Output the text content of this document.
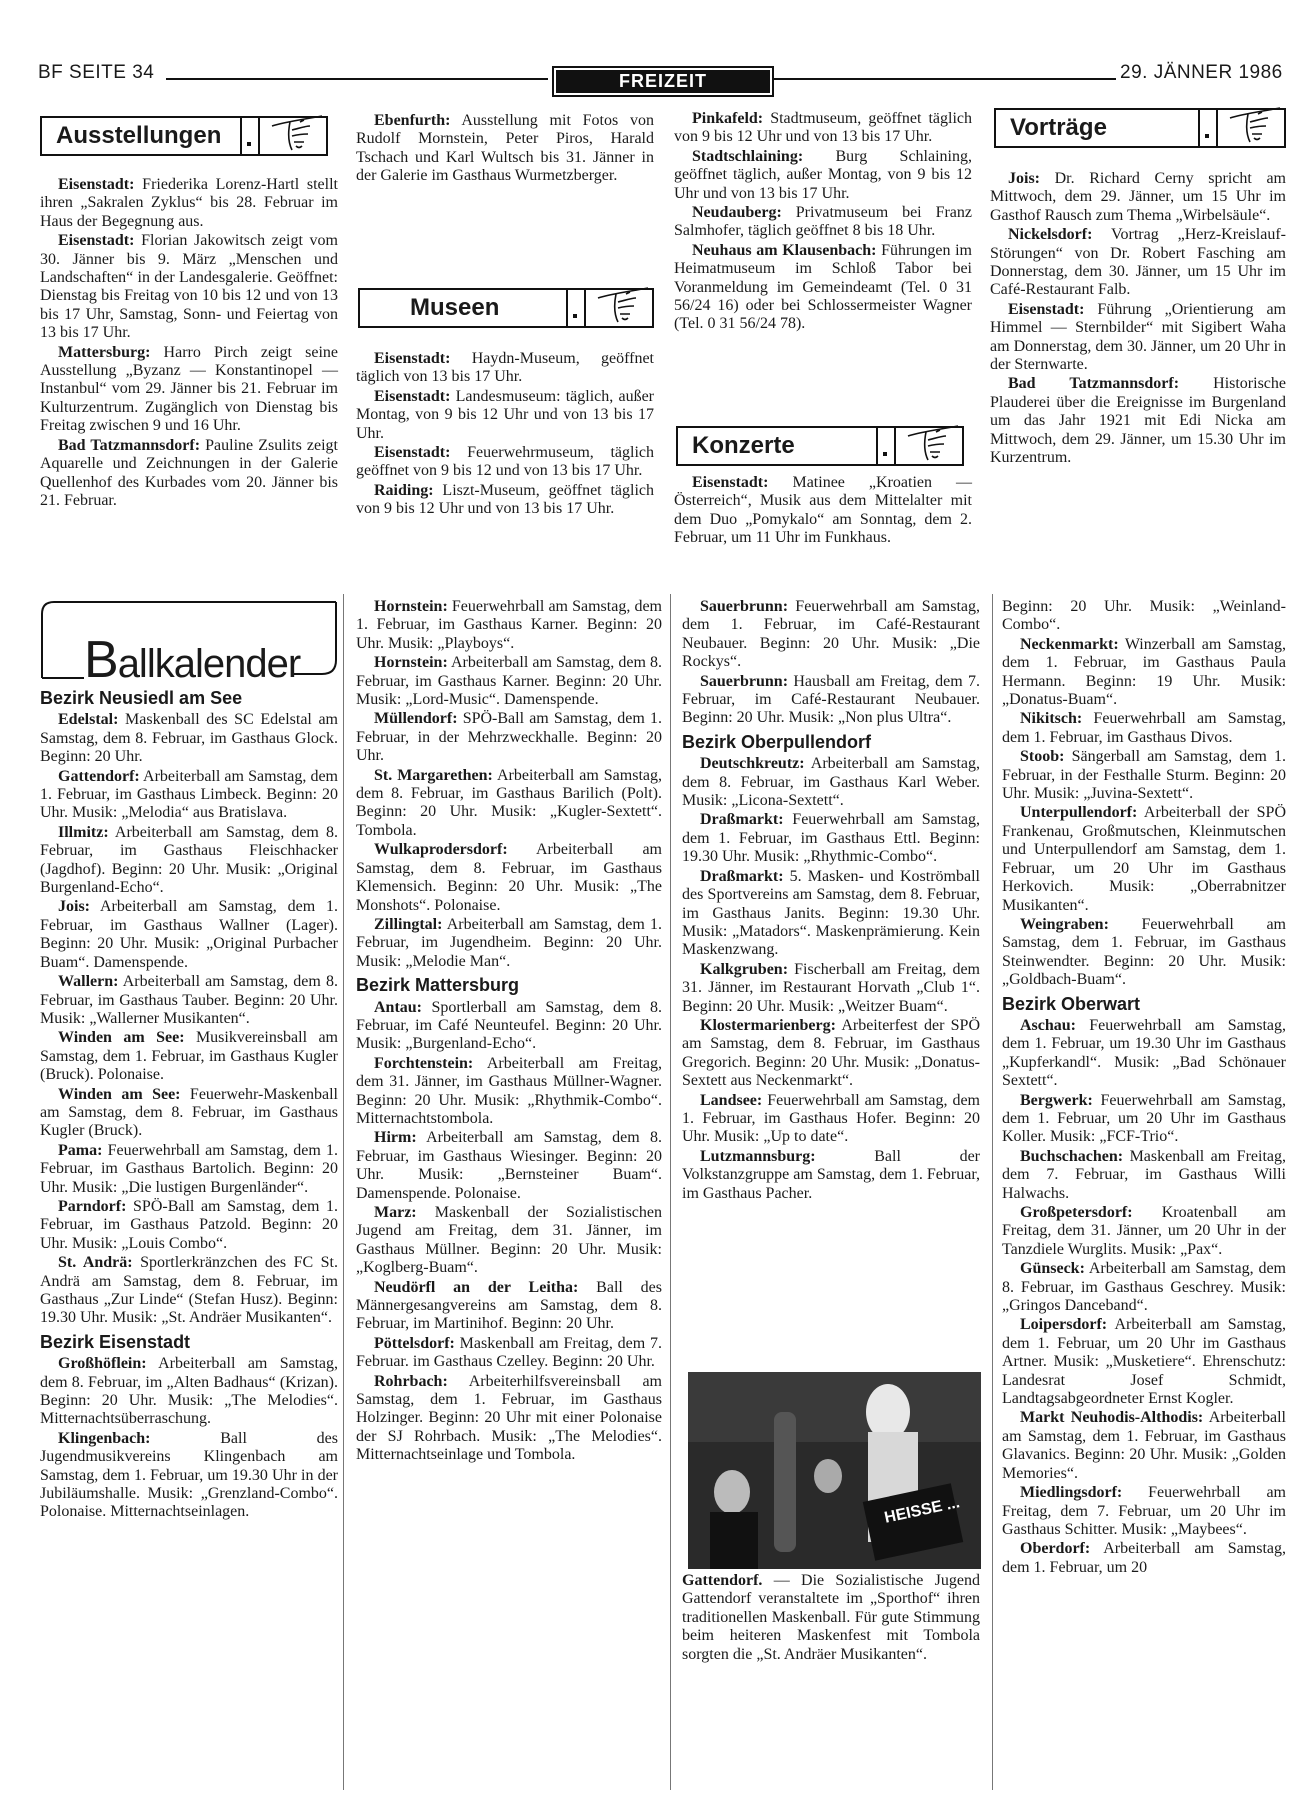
BF SEITE 34	FREIZEIT	29. JÄNNER 1986
Ausstellungen
Museen
Konzerte
Vorträge

Eisenstadt: Friederika Lorenz-Hartl stellt ihren „Sakralen Zyklus“ bis 28. Februar im Haus der Begegnung aus.

Eisenstadt: Florian Jakowitsch zeigt vom 30. Jänner bis 9. März „Menschen und Landschaften“ in der Landesgalerie. Geöffnet: Dienstag bis Freitag von 10 bis 12 und von 13 bis 17 Uhr, Samstag, Sonn- und Feiertag von 13 bis 17 Uhr.

Mattersburg: Harro Pirch zeigt seine Ausstellung „Byzanz — Konstantinopel — Instanbul“ vom 29. Jänner bis 21. Februar im Kulturzentrum. Zugänglich von Dienstag bis Freitag zwischen 9 und 16 Uhr.

Bad Tatzmannsdorf: Pauline Zsulits zeigt Aquarelle und Zeichnungen in der Galerie Quellenhof des Kurbades vom 20. Jänner bis 21. Februar.

Ebenfurth: Ausstellung mit Fotos von Rudolf Mornstein, Peter Piros, Harald Tschach und Karl Wultsch bis 31. Jänner in der Galerie im Gasthaus Wurmetzberger.

Eisenstadt: Haydn-Museum, geöffnet täglich von 13 bis 17 Uhr.

Eisenstadt: Landesmuseum: täglich, außer Montag, von 9 bis 12 Uhr und von 13 bis 17 Uhr.

Eisenstadt: Feuerwehrmuseum, täglich geöffnet von 9 bis 12 und von 13 bis 17 Uhr.

Raiding: Liszt-Museum, geöffnet täglich von 9 bis 12 Uhr und von 13 bis 17 Uhr.

Pinkafeld: Stadtmuseum, geöffnet täglich von 9 bis 12 Uhr und von 13 bis 17 Uhr.

Stadtschlaining: Burg Schlaining, geöffnet täglich, außer Montag, von 9 bis 12 Uhr und von 13 bis 17 Uhr.

Neudauberg: Privatmuseum bei Franz Salmhofer, täglich geöffnet 8 bis 18 Uhr.

Neuhaus am Klausenbach: Führungen im Heimatmuseum im Schloß Tabor bei Voranmeldung im Gemeindeamt (Tel. 0 31 56/24 16) oder bei Schlossermeister Wagner (Tel. 0 31 56/24 78).

Eisenstadt: Matinee „Kroatien — Österreich“, Musik aus dem Mittelalter mit dem Duo „Pomykalo“ am Sonntag, dem 2. Februar, um 11 Uhr im Funkhaus.

Jois: Dr. Richard Cerny spricht am Mittwoch, dem 29. Jänner, um 15 Uhr im Gasthof Rausch zum Thema „Wirbelsäule“.

Nickelsdorf: Vortrag „Herz-Kreislauf-Störungen“ von Dr. Robert Fasching am Donnerstag, dem 30. Jänner, um 15 Uhr im Café-Restaurant Falb.

Eisenstadt: Führung „Orientierung am Himmel — Sternbilder“ mit Sigibert Waha am Donnerstag, dem 30. Jänner, um 20 Uhr in der Sternwarte.

Bad Tatzmannsdorf: Historische Plauderei über die Ereignisse im Burgenland um das Jahr 1921 mit Edi Nicka am Mittwoch, dem 29. Jänner, um 15.30 Uhr im Kurzentrum.

Ballkalender
Bezirk Neusiedl am See

Edelstal: Maskenball des SC Edelstal am Samstag, dem 8. Februar, im Gasthaus Glock. Beginn: 20 Uhr.

Gattendorf: Arbeiterball am Samstag, dem 1. Februar, im Gasthaus Limbeck. Beginn: 20 Uhr. Musik: „Melodia“ aus Bratislava.

Illmitz: Arbeiterball am Samstag, dem 8. Februar, im Gasthaus Fleischhacker (Jagdhof). Beginn: 20 Uhr. Musik: „Original Burgenland-Echo“.

Jois: Arbeiterball am Samstag, dem 1. Februar, im Gasthaus Wallner (Lager). Beginn: 20 Uhr. Musik: „Original Purbacher Buam“. Damenspende.

Wallern: Arbeiterball am Samstag, dem 8. Februar, im Gasthaus Tauber. Beginn: 20 Uhr. Musik: „Wallerner Musikanten“.

Winden am See: Musikvereinsball am Samstag, dem 1. Februar, im Gasthaus Kugler (Bruck). Polonaise.

Winden am See: Feuerwehr-Maskenball am Samstag, dem 8. Februar, im Gasthaus Kugler (Bruck).

Pama: Feuerwehrball am Samstag, dem 1. Februar, im Gasthaus Bartolich. Beginn: 20 Uhr. Musik: „Die lustigen Burgenländer“.

Parndorf: SPÖ-Ball am Samstag, dem 1. Februar, im Gasthaus Patzold. Beginn: 20 Uhr. Musik: „Louis Combo“.

St. Andrä: Sportlerkränzchen des FC St. Andrä am Samstag, dem 8. Februar, im Gasthaus „Zur Linde“ (Stefan Husz). Beginn: 19.30 Uhr. Musik: „St. Andräer Musikanten“.

Bezirk Eisenstadt

Großhöflein: Arbeiterball am Samstag, dem 8. Februar, im „Alten Badhaus“ (Krizan). Beginn: 20 Uhr. Musik: „The Melodies“. Mitternachtsüberraschung.

Klingenbach: Ball des Jugendmusikvereins Klingenbach am Samstag, dem 1. Februar, um 19.30 Uhr in der Jubiläumshalle. Musik: „Grenzland-Combo“. Polonaise. Mitternachtseinlagen.

Hornstein: Feuerwehrball am Samstag, dem 1. Februar, im Gasthaus Karner. Beginn: 20 Uhr. Musik: „Playboys“.

Hornstein: Arbeiterball am Samstag, dem 8. Februar, im Gasthaus Karner. Beginn: 20 Uhr. Musik: „Lord-Music“. Damenspende.

Müllendorf: SPÖ-Ball am Samstag, dem 1. Februar, in der Mehrzweckhalle. Beginn: 20 Uhr.

St. Margarethen: Arbeiterball am Samstag, dem 8. Februar, im Gasthaus Barilich (Polt). Beginn: 20 Uhr. Musik: „Kugler-Sextett“. Tombola.

Wulkaprodersdorf: Arbeiterball am Samstag, dem 8. Februar, im Gasthaus Klemensich. Beginn: 20 Uhr. Musik: „The Monshots“. Polonaise.

Zillingtal: Arbeiterball am Samstag, dem 1. Februar, im Jugendheim. Beginn: 20 Uhr. Musik: „Melodie Man“.

Bezirk Mattersburg

Antau: Sportlerball am Samstag, dem 8. Februar, im Café Neunteufel. Beginn: 20 Uhr. Musik: „Burgenland-Echo“.

Forchtenstein: Arbeiterball am Freitag, dem 31. Jänner, im Gasthaus Müllner-Wagner. Beginn: 20 Uhr. Musik: „Rhythmik-Combo“. Mitternachtstombola.

Hirm: Arbeiterball am Samstag, dem 8. Februar, im Gasthaus Wiesinger. Beginn: 20 Uhr. Musik: „Bernsteiner Buam“. Damenspende. Polonaise.

Marz: Maskenball der Sozialistischen Jugend am Freitag, dem 31. Jänner, im Gasthaus Müllner. Beginn: 20 Uhr. Musik: „Koglberg-Buam“.

Neudörfl an der Leitha: Ball des Männergesangvereins am Samstag, dem 8. Februar, im Martinihof. Beginn: 20 Uhr.

Pöttelsdorf: Maskenball am Freitag, dem 7. Februar. im Gasthaus Czelley. Beginn: 20 Uhr.

Rohrbach: Arbeiterhilfsvereinsball am Samstag, dem 1. Februar, im Gasthaus Holzinger. Beginn: 20 Uhr mit einer Polonaise der SJ Rohrbach. Musik: „The Melodies“. Mitternachtseinlage und Tombola.

Sauerbrunn: Feuerwehrball am Samstag, dem 1. Februar, im Café-Restaurant Neubauer. Beginn: 20 Uhr. Musik: „Die Rockys“.

Sauerbrunn: Hausball am Freitag, dem 7. Februar, im Café-Restaurant Neubauer. Beginn: 20 Uhr. Musik: „Non plus Ultra“.

Bezirk Oberpullendorf

Deutschkreutz: Arbeiterball am Samstag, dem 8. Februar, im Gasthaus Karl Weber. Musik: „Licona-Sextett“.

Draßmarkt: Feuerwehrball am Samstag, dem 1. Februar, im Gasthaus Ettl. Beginn: 19.30 Uhr. Musik: „Rhythmic-Combo“.

Draßmarkt: 5. Masken- und Koströmball des Sportvereins am Samstag, dem 8. Februar, im Gasthaus Janits. Beginn: 19.30 Uhr. Musik: „Matadors“. Maskenprämierung. Kein Maskenzwang.

Kalkgruben: Fischerball am Freitag, dem 31. Jänner, im Restaurant Horvath „Club 1“. Beginn: 20 Uhr. Musik: „Weitzer Buam“.

Klostermarienberg: Arbeiterfest der SPÖ am Samstag, dem 8. Februar, im Gasthaus Gregorich. Beginn: 20 Uhr. Musik: „Donatus-Sextett aus Neckenmarkt“.

Landsee: Feuerwehrball am Samstag, dem 1. Februar, im Gasthaus Hofer. Beginn: 20 Uhr. Musik: „Up to date“.

Lutzmannsburg: Ball der Volkstanzgruppe am Samstag, dem 1. Februar, im Gasthaus Pacher.

HEISSE ...

Gattendorf. — Die Sozialistische Jugend Gattendorf veranstaltete im „Sporthof“ ihren traditionellen Maskenball. Für gute Stimmung beim heiteren Maskenfest mit Tombola sorgten die „St. Andräer Musikanten“.

Beginn: 20 Uhr. Musik: „Weinland-Combo“.

Neckenmarkt: Winzerball am Samstag, dem 1. Februar, im Gasthaus Paula Hermann. Beginn: 19 Uhr. Musik: „Donatus-Buam“.

Nikitsch: Feuerwehrball am Samstag, dem 1. Februar, im Gasthaus Divos.

Stoob: Sängerball am Samstag, dem 1. Februar, in der Festhalle Sturm. Beginn: 20 Uhr. Musik: „Juvina-Sextett“.

Unterpullendorf: Arbeiterball der SPÖ Frankenau, Großmutschen, Kleinmutschen und Unterpullendorf am Samstag, dem 1. Februar, um 20 Uhr im Gasthaus Herkovich. Musik: „Oberrabnitzer Musikanten“.

Weingraben: Feuerwehrball am Samstag, dem 1. Februar, im Gasthaus Steinwendter. Beginn: 20 Uhr. Musik: „Goldbach-Buam“.

Bezirk Oberwart

Aschau: Feuerwehrball am Samstag, dem 1. Februar, um 19.30 Uhr im Gasthaus „Kupferkandl“. Musik: „Bad Schönauer Sextett“.

Bergwerk: Feuerwehrball am Samstag, dem 1. Februar, um 20 Uhr im Gasthaus Koller. Musik: „FCF-Trio“.

Buchschachen: Maskenball am Freitag, dem 7. Februar, im Gasthaus Willi Halwachs.

Großpetersdorf: Kroatenball am Freitag, dem 31. Jänner, um 20 Uhr in der Tanzdiele Wurglits. Musik: „Pax“.

Günseck: Arbeiterball am Samstag, dem 8. Februar, im Gasthaus Geschrey. Musik: „Gringos Danceband“.

Loipersdorf: Arbeiterball am Samstag, dem 1. Februar, um 20 Uhr im Gasthaus Artner. Musik: „Musketiere“. Ehrenschutz: Landesrat Josef Schmidt, Landtagsabgeordneter Ernst Kogler.

Markt Neuhodis-Althodis: Arbeiterball am Samstag, dem 1. Februar, im Gasthaus Glavanics. Beginn: 20 Uhr. Musik: „Golden Memories“.

Miedlingsdorf: Feuerwehrball am Freitag, dem 7. Februar, um 20 Uhr im Gasthaus Schitter. Musik: „Maybees“.

Oberdorf: Arbeiterball am Samstag, dem 1. Februar, um 20
